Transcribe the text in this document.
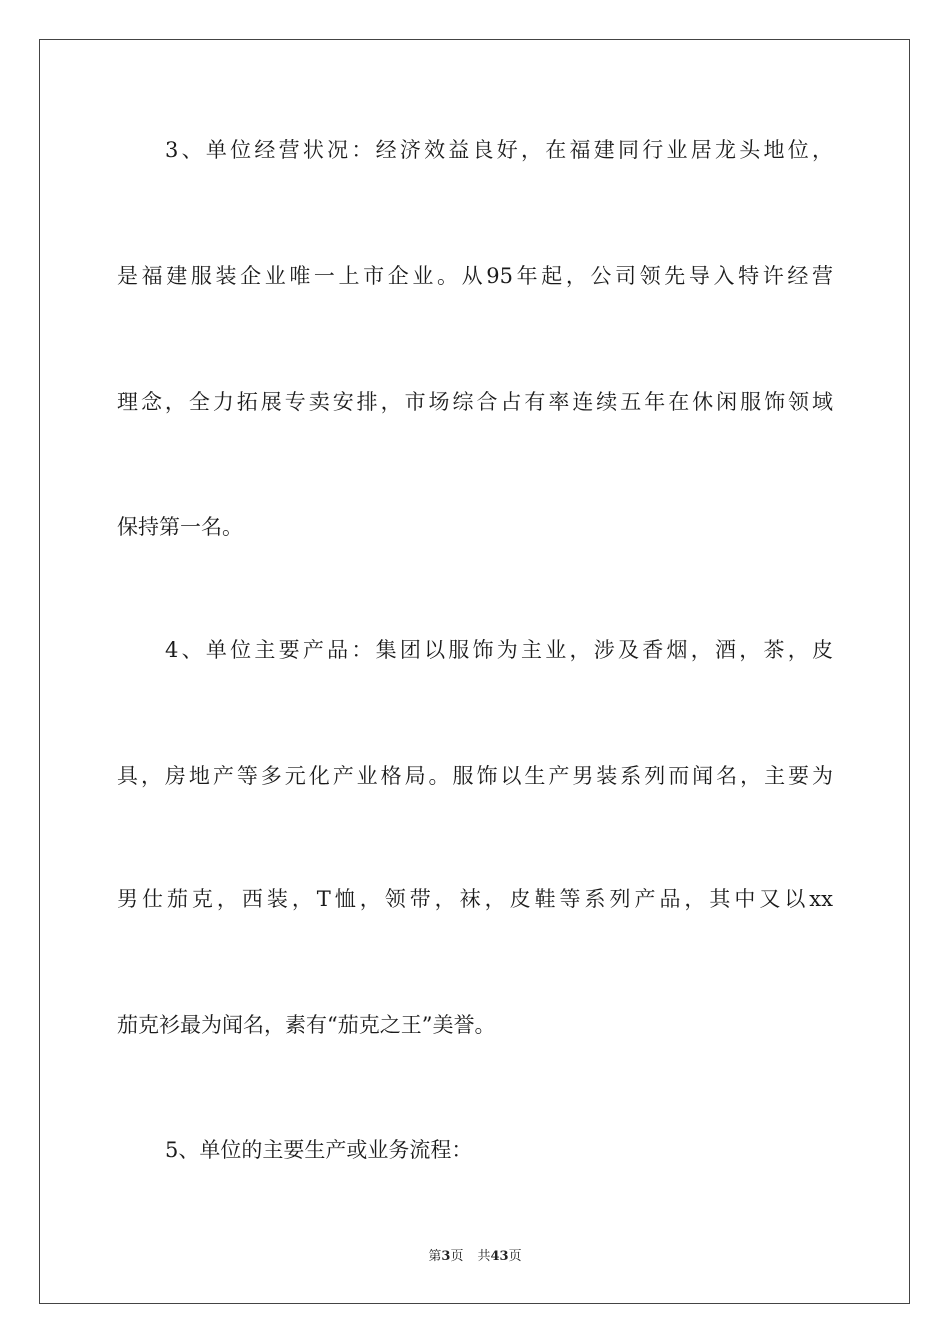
3、单位经营状况：经济效益良好，在福建同行业居龙头地位，
是福建服装企业唯一上市企业。从95年起，公司领先导入特许经营
理念，全力拓展专卖安排，市场综合占有率连续五年在休闲服饰领域
保持第一名。
4、单位主要产品：集团以服饰为主业，涉及香烟，酒，茶，皮
具，房地产等多元化产业格局。服饰以生产男装系列而闻名，主要为
男仕茄克，西装，T恤，领带，袜，皮鞋等系列产品，其中又以xx
茄克衫最为闻名，素有“茄克之王”美誉。
5、单位的主要生产或业务流程：
第3页 共43页
